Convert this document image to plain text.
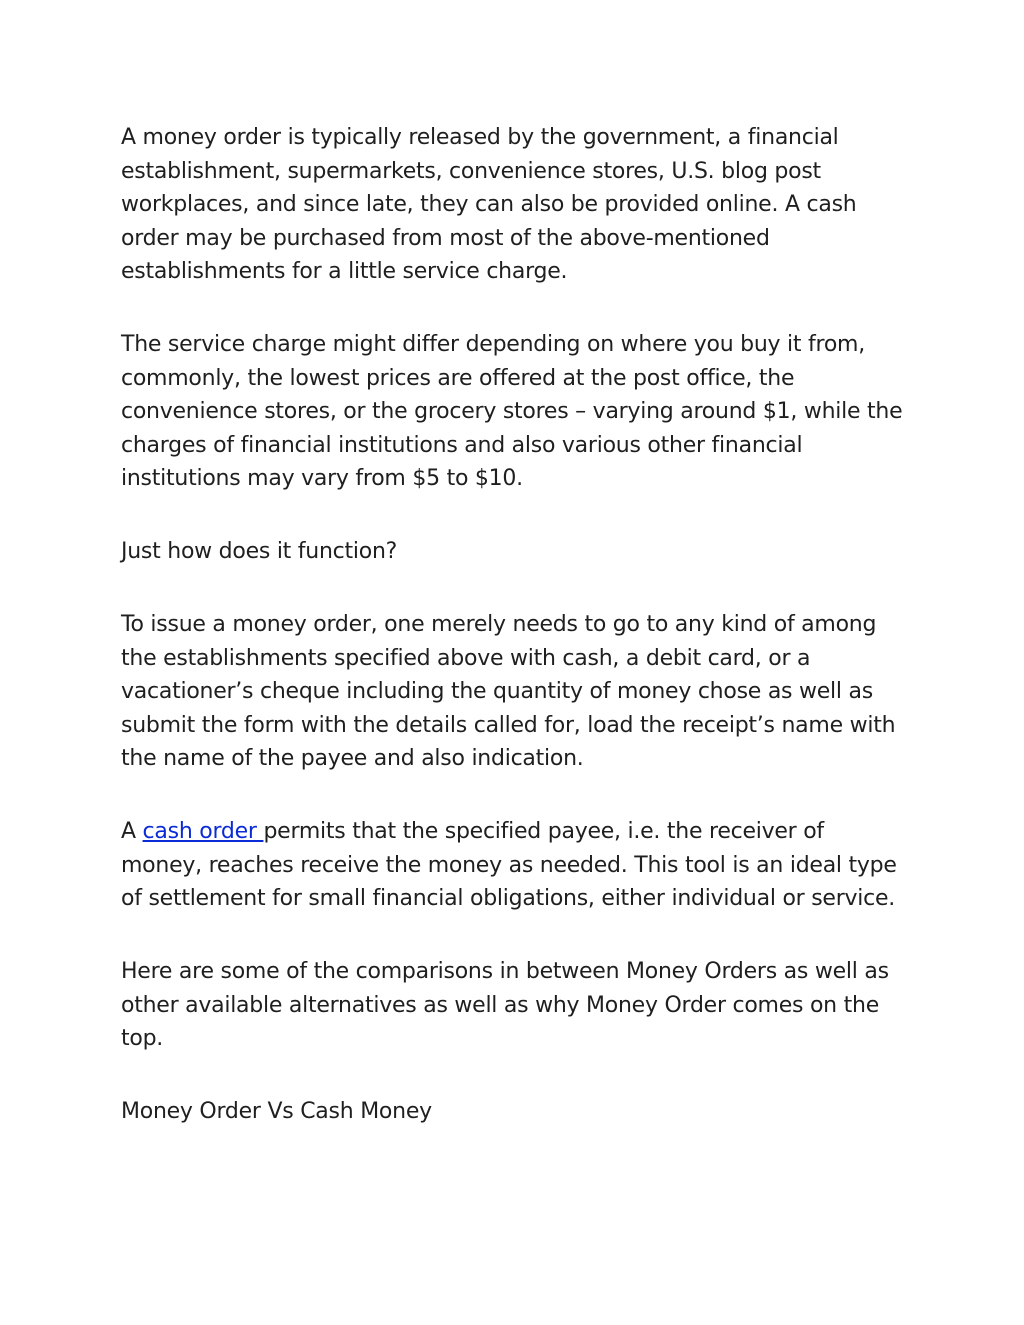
A money order is typically released by the government, a financial establishment, supermarkets, convenience stores, U.S. blog post workplaces, and since late, they can also be provided online. A cash order may be purchased from most of the above-mentioned establishments for a little service charge.

The service charge might differ depending on where you buy it from, commonly, the lowest prices are offered at the post office, the convenience stores, or the grocery stores – varying around $1, while the charges of financial institutions and also various other financial institutions may vary from $5 to $10.

Just how does it function?

To issue a money order, one merely needs to go to any kind of among the establishments specified above with cash, a debit card, or a vacationer’s cheque including the quantity of money chose as well as submit the form with the details called for, load the receipt’s name with the name of the payee and also indication.

A cash order permits that the specified payee, i.e. the receiver of money, reaches receive the money as needed. This tool is an ideal type of settlement for small financial obligations, either individual or service.

Here are some of the comparisons in between Money Orders as well as other available alternatives as well as why Money Order comes on the top.

Money Order Vs Cash Money
